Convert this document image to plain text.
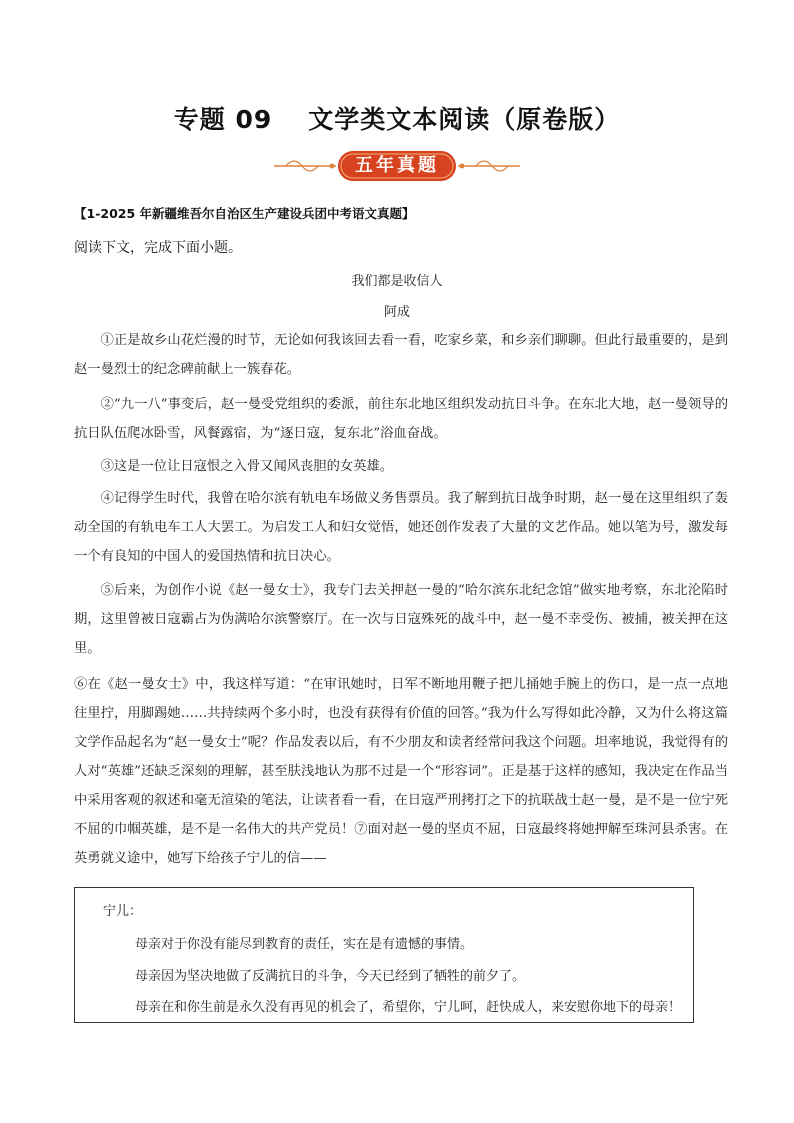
专题 09 文学类文本阅读（原卷版）
五年真题
【1-2025 年新疆维吾尔自治区生产建设兵团中考语文真题】
阅读下文，完成下面小题。
我们都是收信人
阿成
①正是故乡山花烂漫的时节，无论如何我该回去看一看，吃家乡菜，和乡亲们聊聊。但此行最重要的，是到赵一曼烈士的纪念碑前献上一簇春花。
②“九一八”事变后，赵一曼受党组织的委派，前往东北地区组织发动抗日斗争。在东北大地，赵一曼领导的抗日队伍爬冰卧雪，风餐露宿，为“逐日寇，复东北”浴血奋战。
③这是一位让日寇恨之入骨又闻风丧胆的女英雄。
④记得学生时代，我曾在哈尔滨有轨电车场做义务售票员。我了解到抗日战争时期，赵一曼在这里组织了轰动全国的有轨电车工人大罢工。为启发工人和妇女觉悟，她还创作发表了大量的文艺作品。她以笔为号，激发每一个有良知的中国人的爱国热情和抗日决心。
⑤后来，为创作小说《赵一曼女士》，我专门去关押赵一曼的“哈尔滨东北纪念馆”做实地考察，东北沦陷时期，这里曾被日寇霸占为伪满哈尔滨警察厅。在一次与日寇殊死的战斗中，赵一曼不幸受伤、被捕，被关押在这里。
⑥在《赵一曼女士》中，我这样写道：“在审讯她时，日军不断地用鞭子把儿捅她手腕上的伤口，是一点一点地往里拧，用脚踢她……共持续两个多小时，也没有获得有价值的回答。”我为什么写得如此冷静，又为什么将这篇文学作品起名为“赵一曼女士”呢？作品发表以后，有不少朋友和读者经常问我这个问题。坦率地说，我觉得有的人对“英雄”还缺乏深刻的理解，甚至肤浅地认为那不过是一个“形容词”。正是基于这样的感知，我决定在作品当中采用客观的叙述和毫无渲染的笔法，让读者看一看，在日寇严刑拷打之下的抗联战士赵一曼，是不是一位宁死不屈的巾帼英雄，是不是一名伟大的共产党员！⑦面对赵一曼的坚贞不屈，日寇最终将她押解至珠河县杀害。在英勇就义途中，她写下给孩子宁儿的信——

宁儿：

母亲对于你没有能尽到教育的责任，实在是有遗憾的事情。

母亲因为坚决地做了反满抗日的斗争，今天已经到了牺牲的前夕了。

母亲在和你生前是永久没有再见的机会了，希望你，宁儿呵，赶快成人，来安慰你地下的母亲！
